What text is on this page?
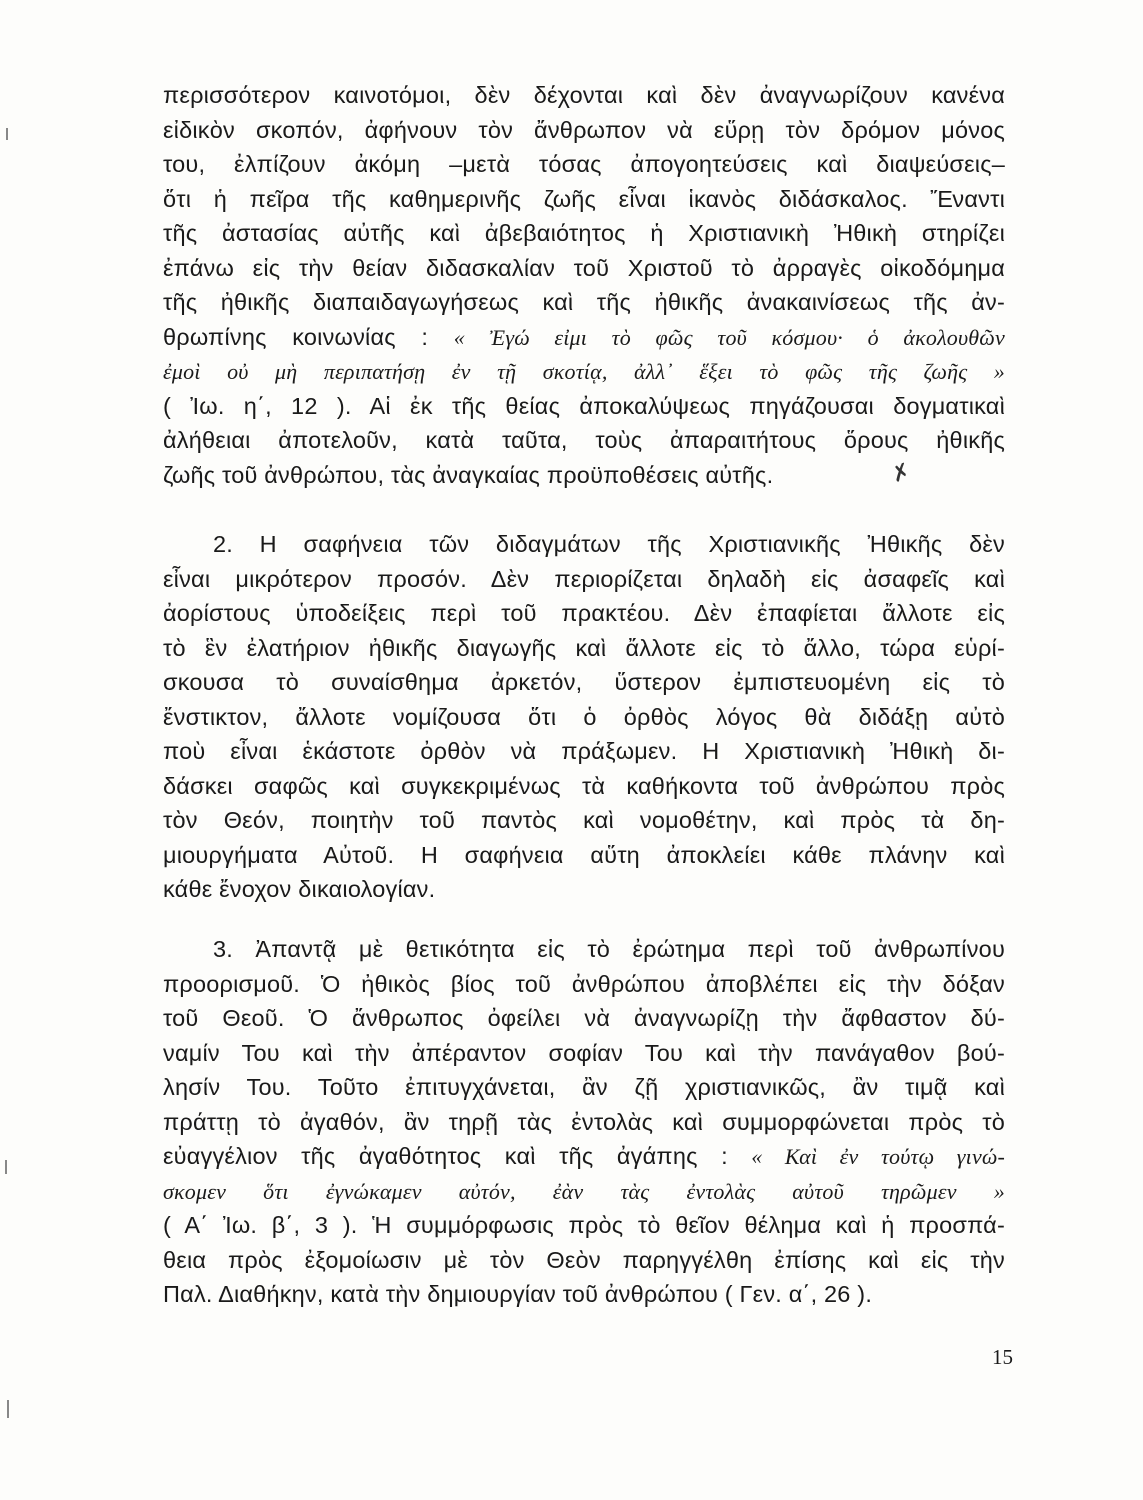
περισσότερον καινοτόμοι, δὲν δέχονται καὶ δὲν ἀναγνωρίζουν κανένα
εἰδικὸν σκοπόν, ἀφήνουν τὸν ἄνθρωπον νὰ εὕρῃ τὸν δρόμον μόνος
του, ἐλπίζουν ἀκόμη –μετὰ τόσας ἀπογοητεύσεις καὶ διαψεύσεις–
ὅτι ἡ πεῖρα τῆς καθημερινῆς ζωῆς εἶναι ἱκανὸς διδάσκαλος. Ἔναντι
τῆς ἀστασίας αὐτῆς καὶ ἀβεβαιότητος ἡ Χριστιανικὴ Ἠθικὴ στηρίζει
ἐπάνω εἰς τὴν θείαν διδασκαλίαν τοῦ Χριστοῦ τὸ ἀρραγὲς οἰκοδόμημα
τῆς ἠθικῆς διαπαιδαγωγήσεως καὶ τῆς ἠθικῆς ἀνακαινίσεως τῆς ἀν-
θρωπίνης κοινωνίας : « Ἐγώ εἰμι τὸ φῶς τοῦ κόσμου· ὁ ἀκολουθῶν
ἐμοὶ οὐ μὴ περιπατήσῃ ἐν τῇ σκοτίᾳ, ἀλλ᾽ ἕξει τὸ φῶς τῆς ζωῆς »
( Ἰω. η΄, 12 ). Αἱ ἐκ τῆς θείας ἀποκαλύψεως πηγάζουσαι δογματικαὶ
ἀλήθειαι ἀποτελοῦν, κατὰ ταῦτα, τοὺς ἀπαραιτήτους ὅρους ἠθικῆς
ζωῆς τοῦ ἀνθρώπου, τὰς ἀναγκαίας προϋποθέσεις αὐτῆς.	✗
2. Η σαφήνεια τῶν διδαγμάτων τῆς Χριστιανικῆς Ἠθικῆς δὲν
εἶναι μικρότερον προσόν. Δὲν περιορίζεται δηλαδὴ εἰς ἀσαφεῖς καὶ
ἀορίστους ὑποδείξεις περὶ τοῦ πρακτέου. Δὲν ἐπαφίεται ἄλλοτε εἰς
τὸ ἓν ἐλατήριον ἠθικῆς διαγωγῆς καὶ ἄλλοτε εἰς τὸ ἄλλο, τώρα εὑρί-
σκουσα τὸ συναίσθημα ἀρκετόν, ὕστερον ἐμπιστευομένη εἰς τὸ
ἔνστικτον, ἄλλοτε νομίζουσα ὅτι ὁ ὀρθὸς λόγος θὰ διδάξῃ αὐτὸ
ποὺ εἶναι ἑκάστοτε ὀρθὸν νὰ πράξωμεν. Η Χριστιανικὴ Ἠθικὴ δι-
δάσκει σαφῶς καὶ συγκεκριμένως τὰ καθήκοντα τοῦ ἀνθρώπου πρὸς
τὸν Θεόν, ποιητὴν τοῦ παντὸς καὶ νομοθέτην, καὶ πρὸς τὰ δη-
μιουργήματα Αὐτοῦ. Η σαφήνεια αὕτη ἀποκλείει κάθε πλάνην καὶ
κάθε ἔνοχον δικαιολογίαν.
3. Ἀπαντᾷ μὲ θετικότητα εἰς τὸ ἐρώτημα περὶ τοῦ ἀνθρωπίνου
προορισμοῦ. Ὁ ἠθικὸς βίος τοῦ ἀνθρώπου ἀποβλέπει εἰς τὴν δόξαν
τοῦ Θεοῦ. Ὁ ἄνθρωπος ὀφείλει νὰ ἀναγνωρίζῃ τὴν ἄφθαστον δύ-
ναμίν Του καὶ τὴν ἀπέραντον σοφίαν Του καὶ τὴν πανάγαθον βού-
λησίν Του. Τοῦτο ἐπιτυγχάνεται, ἂν ζῇ χριστιανικῶς, ἂν τιμᾷ καὶ
πράττῃ τὸ ἀγαθόν, ἂν τηρῇ τὰς ἐντολὰς καὶ συμμορφώνεται πρὸς τὸ
εὐαγγέλιον τῆς ἀγαθότητος καὶ τῆς ἀγάπης : « Καὶ ἐν τούτῳ γινώ-
σκομεν ὅτι ἐγνώκαμεν αὐτόν, ἐὰν τὰς ἐντολὰς αὐτοῦ τηρῶμεν »
( Α΄ Ἰω. β΄, 3 ). Ἡ συμμόρφωσις πρὸς τὸ θεῖον θέλημα καὶ ἡ προσπά-
θεια πρὸς ἐξομοίωσιν μὲ τὸν Θεὸν παρηγγέλθη ἐπίσης καὶ εἰς τὴν
Παλ. Διαθήκην, κατὰ τὴν δημιουργίαν τοῦ ἀνθρώπου ( Γεν. α΄, 26 ).
15
